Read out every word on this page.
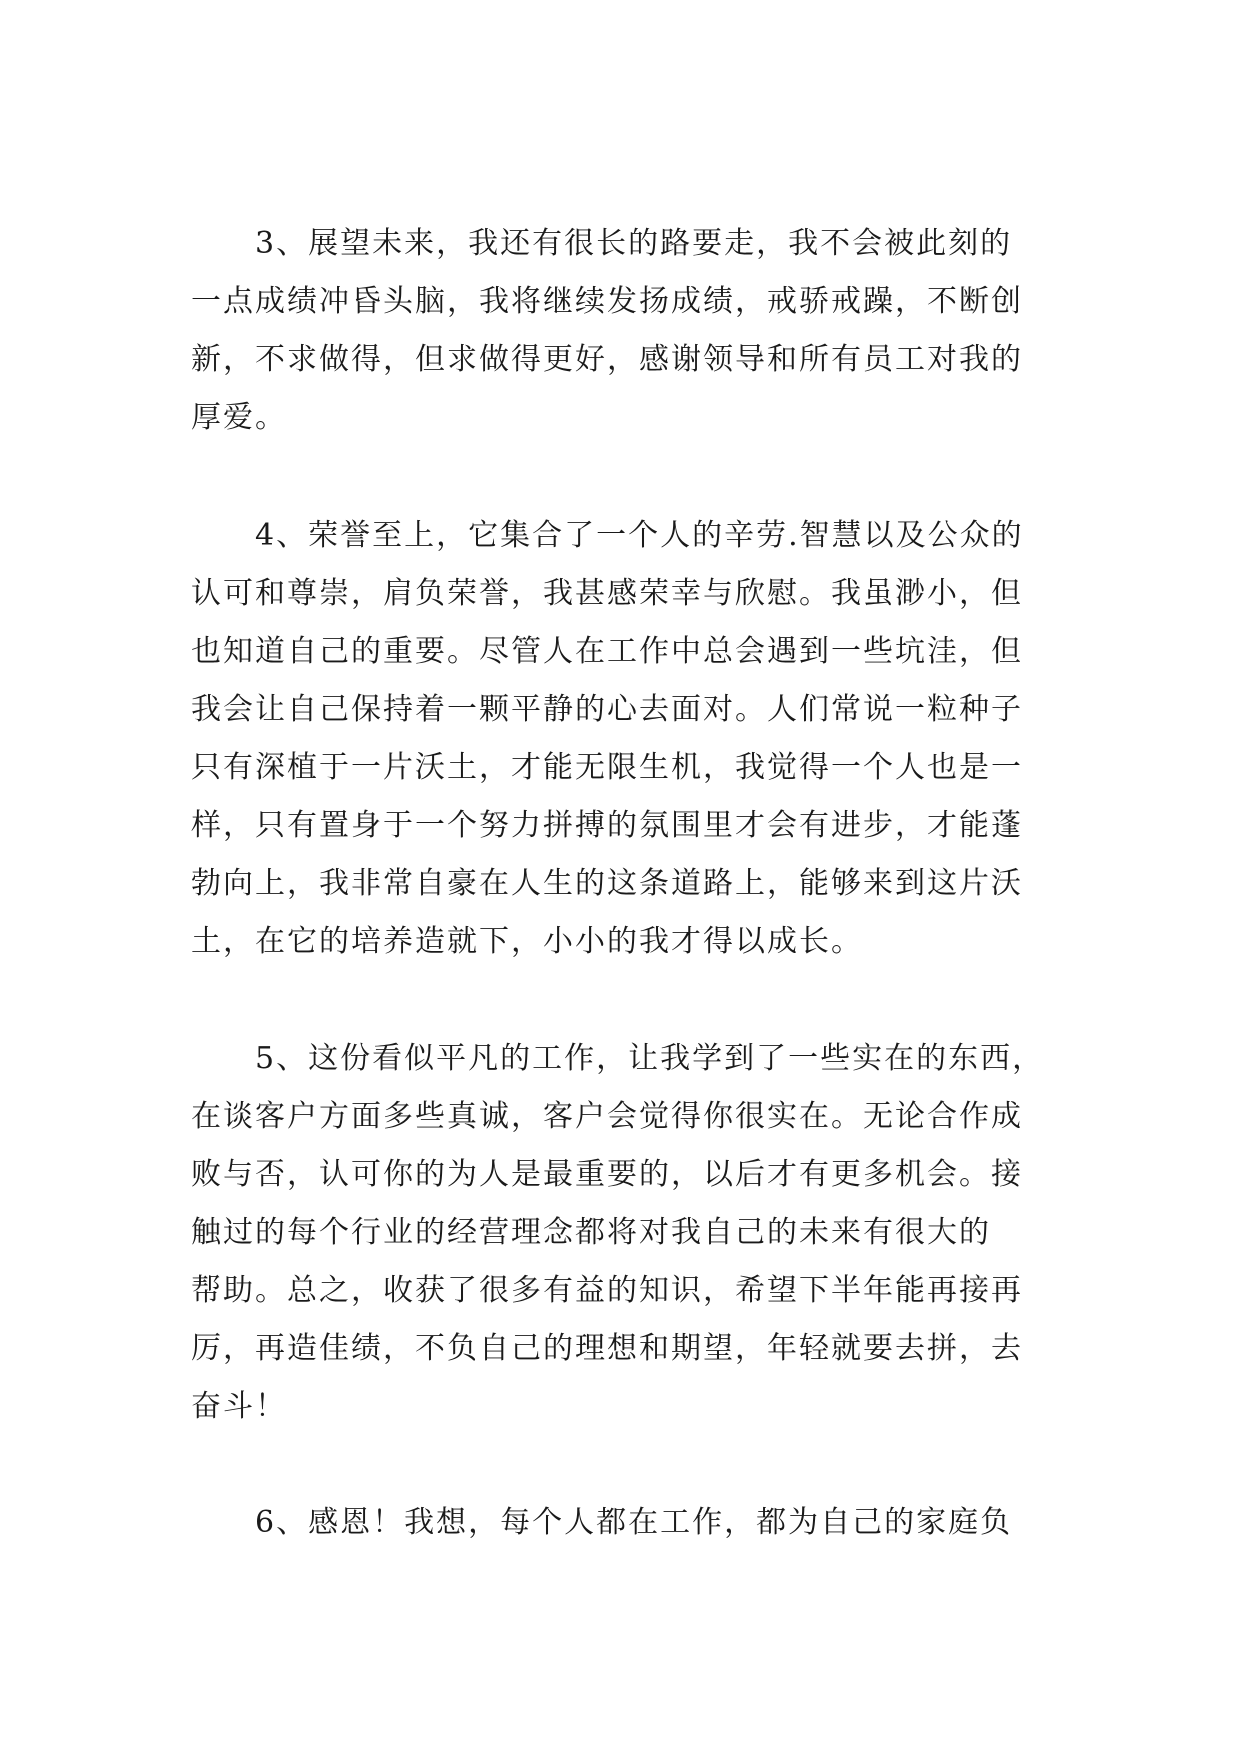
　　3、展望未来，我还有很长的路要走，我不会被此刻的
一点成绩冲昏头脑，我将继续发扬成绩，戒骄戒躁，不断创
新，不求做得，但求做得更好，感谢领导和所有员工对我的
厚爱。
　　4、荣誉至上，它集合了一个人的辛劳.智慧以及公众的
认可和尊崇，肩负荣誉，我甚感荣幸与欣慰。我虽渺小，但
也知道自己的重要。尽管人在工作中总会遇到一些坑洼，但
我会让自己保持着一颗平静的心去面对。人们常说一粒种子
只有深植于一片沃土，才能无限生机，我觉得一个人也是一
样，只有置身于一个努力拼搏的氛围里才会有进步，才能蓬
勃向上，我非常自豪在人生的这条道路上，能够来到这片沃
土，在它的培养造就下，小小的我才得以成长。
　　5、这份看似平凡的工作，让我学到了一些实在的东西，
在谈客户方面多些真诚，客户会觉得你很实在。无论合作成
败与否，认可你的为人是最重要的，以后才有更多机会。接
触过的每个行业的经营理念都将对我自己的未来有很大的
帮助。总之，收获了很多有益的知识，希望下半年能再接再
厉，再造佳绩，不负自己的理想和期望，年轻就要去拼，去
奋斗！
　　6、感恩！我想，每个人都在工作，都为自己的家庭负
